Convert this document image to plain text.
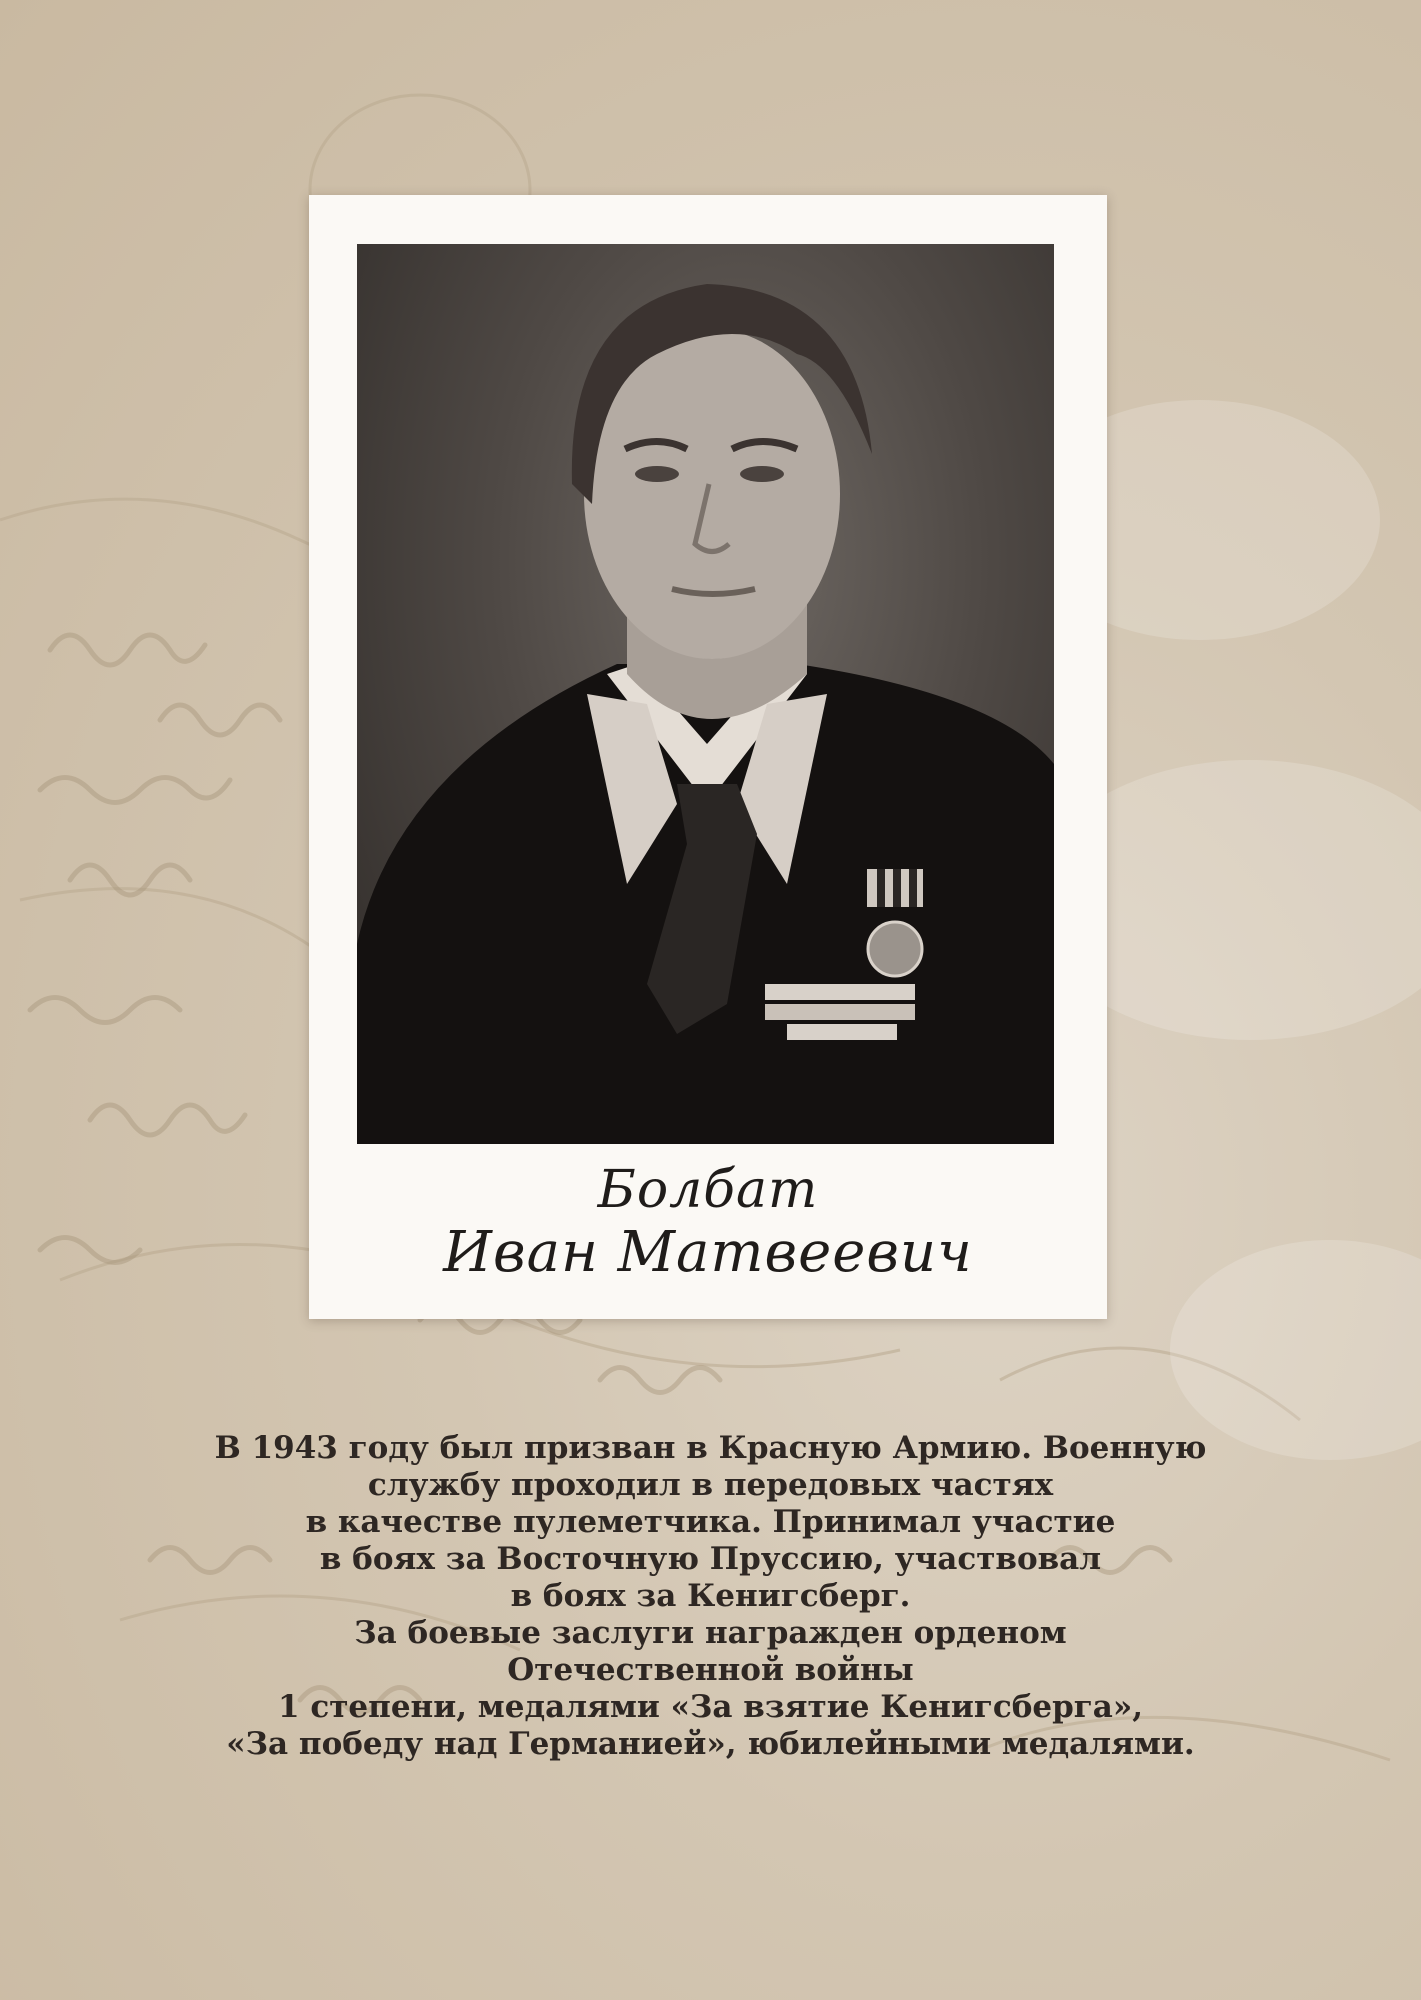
Болбат
Иван Матвеевич
В 1943 году был призван в Красную Армию. Военную
службу проходил в передовых частях
в качестве пулеметчика. Принимал участие
в боях за Восточную Пруссию, участвовал
в боях за Кенигсберг.
За боевые заслуги награжден орденом
Отечественной войны
1 степени, медалями «За взятие Кенигсберга»,
«За победу над Германией», юбилейными медалями.
